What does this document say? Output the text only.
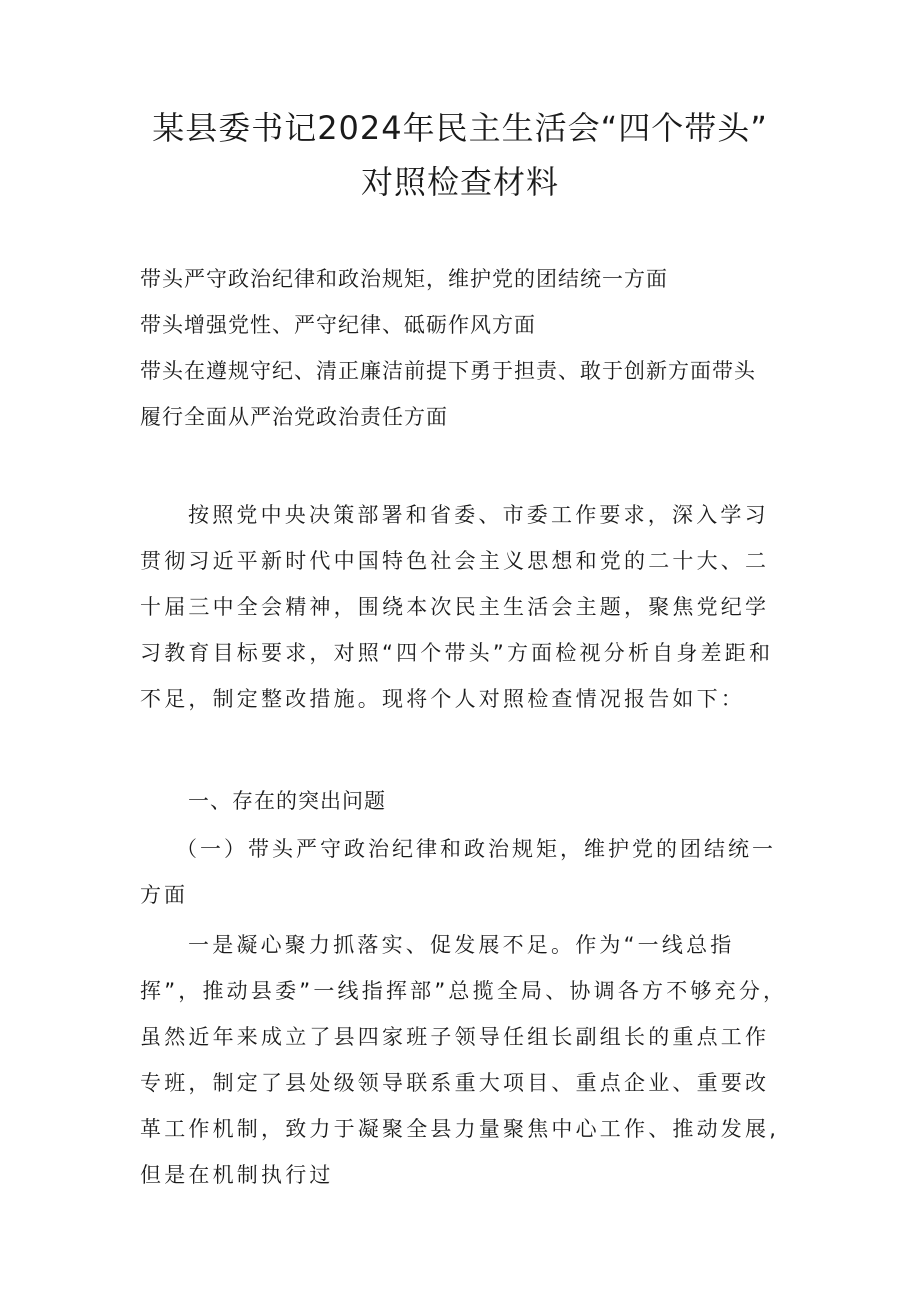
某县委书记2024年民主生活会“四个带头”
对照检查材料
带头严守政治纪律和政治规矩，维护党的团结统一方面
带头增强党性、严守纪律、砥砺作风方面
带头在遵规守纪、清正廉洁前提下勇于担责、敢于创新方面带头
履行全面从严治党政治责任方面

按照党中央决策部署和省委、市委工作要求，深入学习贯彻习近平新时代中国特色社会主义思想和党的二十大、二十届三中全会精神，围绕本次民主生活会主题，聚焦党纪学习教育目标要求，对照“四个带头”方面检视分析自身差距和不足，制定整改措施。现将个人对照检查情况报告如下：

一、存在的突出问题
（一）带头严守政治纪律和政治规矩，维护党的团结统一方面

一是凝心聚力抓落实、促发展不足。作为“一线总指挥”，推动县委”一线指挥部”总揽全局、协调各方不够充分，虽然近年来成立了县四家班子领导任组长副组长的重点工作专班，制定了县处级领导联系重大项目、重点企业、重要改革工作机制，致力于凝聚全县力量聚焦中心工作、推动发展,但是在机制执行过
